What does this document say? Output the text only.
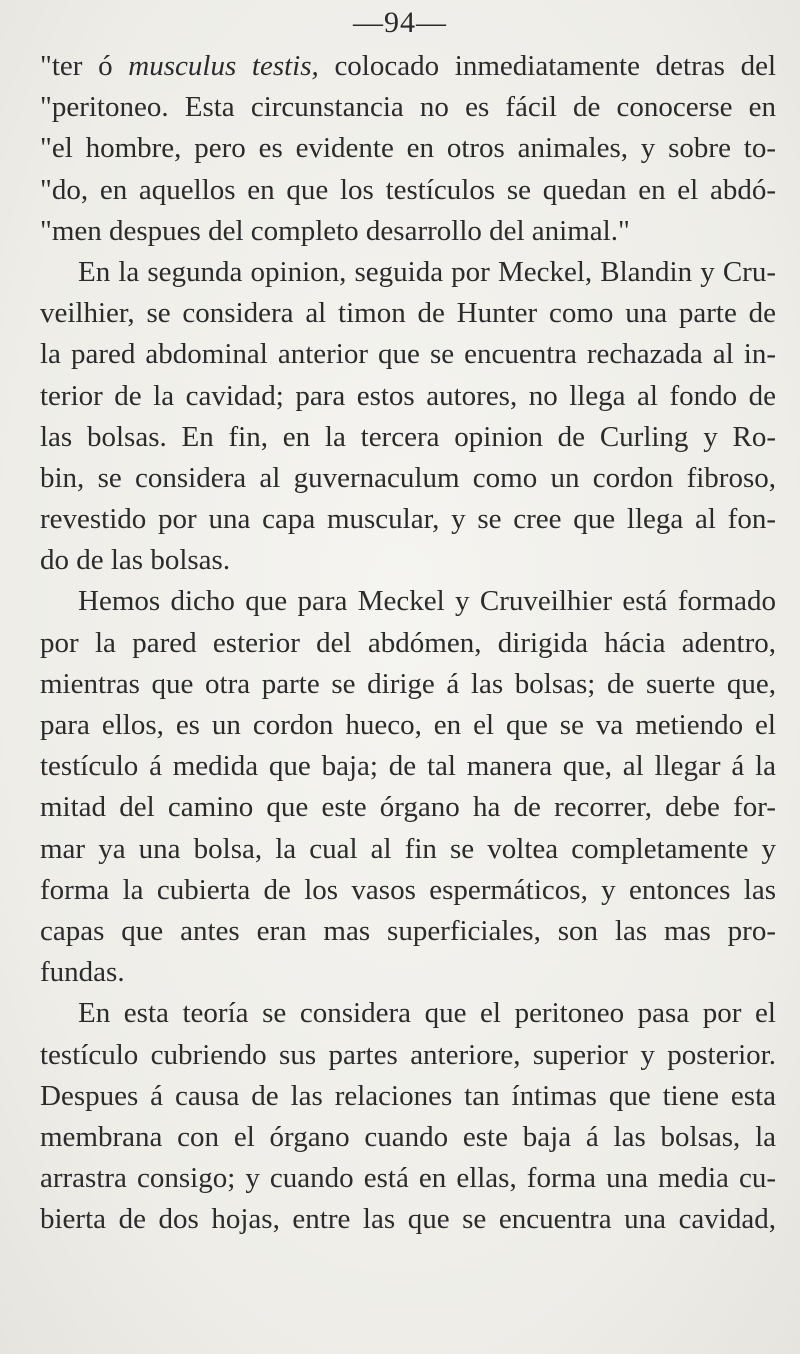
—94—
"ter ó musculus testis, colocado inmediatamente detras del
"peritoneo. Esta circunstancia no es fácil de conocerse en
"el hombre, pero es evidente en otros animales, y sobre to-
"do, en aquellos en que los testículos se quedan en el abdó-
"men despues del completo desarrollo del animal."
En la segunda opinion, seguida por Meckel, Blandin y Cru-
veilhier, se considera al timon de Hunter como una parte de
la pared abdominal anterior que se encuentra rechazada al in-
terior de la cavidad; para estos autores, no llega al fondo de
las bolsas. En fin, en la tercera opinion de Curling y Ro-
bin, se considera al guvernaculum como un cordon fibroso,
revestido por una capa muscular, y se cree que llega al fon-
do de las bolsas.
Hemos dicho que para Meckel y Cruveilhier está formado
por la pared esterior del abdómen, dirigida hácia adentro,
mientras que otra parte se dirige á las bolsas; de suerte que,
para ellos, es un cordon hueco, en el que se va metiendo el
testículo á medida que baja; de tal manera que, al llegar á la
mitad del camino que este órgano ha de recorrer, debe for-
mar ya una bolsa, la cual al fin se voltea completamente y
forma la cubierta de los vasos espermáticos, y entonces las
capas que antes eran mas superficiales, son las mas pro-
fundas.
En esta teoría se considera que el peritoneo pasa por el
testículo cubriendo sus partes anteriore, superior y posterior.
Despues á causa de las relaciones tan íntimas que tiene esta
membrana con el órgano cuando este baja á las bolsas, la
arrastra consigo; y cuando está en ellas, forma una media cu-
bierta de dos hojas, entre las que se encuentra una cavidad,
